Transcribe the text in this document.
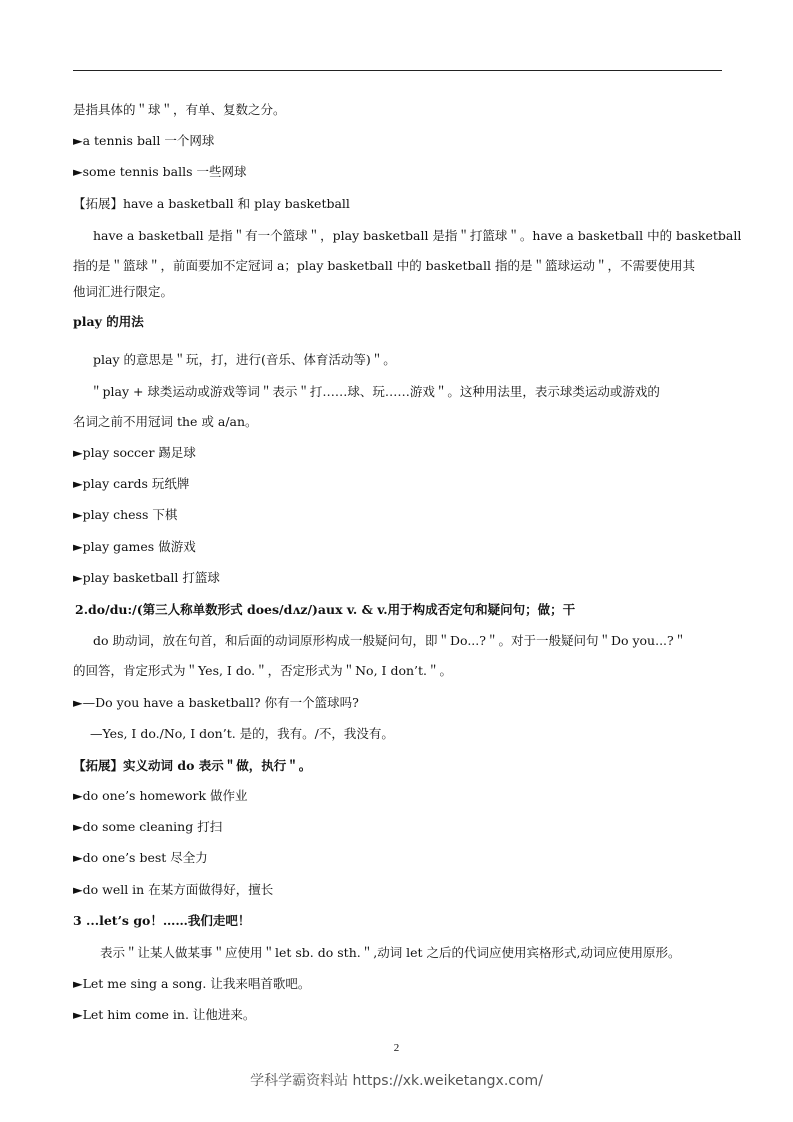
是指具体的＂球＂，有单、复数之分。
►a tennis ball 一个网球
►some tennis balls 一些网球
【拓展】have a basketball 和 play basketball
have a basketball 是指＂有一个篮球＂，play basketball 是指＂打篮球＂。have a basketball 中的 basketball
指的是＂篮球＂，前面要加不定冠词 a；play basketball 中的 basketball 指的是＂篮球运动＂，不需要使用其
他词汇进行限定。
play 的用法
play 的意思是＂玩，打，进行(音乐、体育活动等)＂。
＂play + 球类运动或游戏等词＂表示＂打……球、玩……游戏＂。这种用法里，表示球类运动或游戏的
名词之前不用冠词 the 或 a/an。
►play soccer 踢足球
►play cards 玩纸牌
►play chess 下棋
►play games 做游戏
►play basketball 打篮球
2.do/du:/(第三人称单数形式 does/dʌz/)aux v. & v.用于构成否定句和疑问句；做；干
do 助动词，放在句首，和后面的动词原形构成一般疑问句，即＂Do...?＂。对于一般疑问句＂Do you...?＂
的回答，肯定形式为＂Yes, I do.＂，否定形式为＂No, I don’t.＂。
►—Do you have a basketball? 你有一个篮球吗?
—Yes, I do./No, I don’t. 是的，我有。/不，我没有。
【拓展】实义动词 do 表示＂做，执行＂。
►do one’s homework 做作业
►do some cleaning 打扫
►do one’s best 尽全力
►do well in 在某方面做得好，擅长
3 ...let’s go！……我们走吧！
表示＂让某人做某事＂应使用＂let sb. do sth.＂,动词 let 之后的代词应使用宾格形式,动词应使用原形。
►Let me sing a song. 让我来唱首歌吧。
►Let him come in. 让他进来。
2
学科学霸资料站 https://xk.weiketangx.com/
